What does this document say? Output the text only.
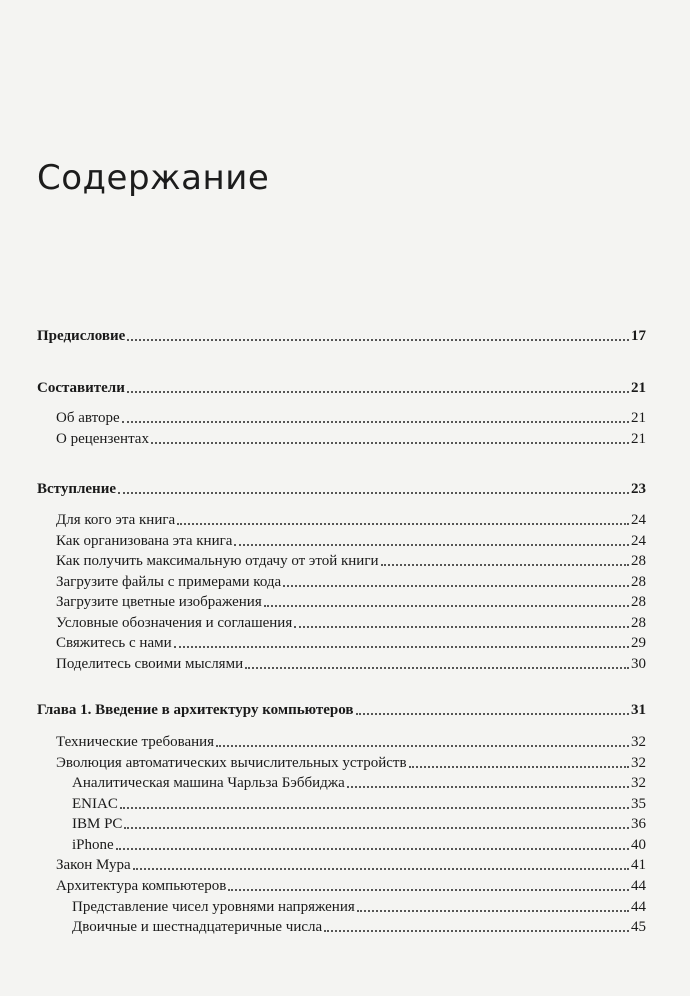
Содержание
Предисловие	17
Составители	21
Об авторе	21
О рецензентах	21
Вступление	23
Для кого эта книга	24
Как организована эта книга	24
Как получить максимальную отдачу от этой книги	28
Загрузите файлы с примерами кода	28
Загрузите цветные изображения	28
Условные обозначения и соглашения	28
Свяжитесь с нами	29
Поделитесь своими мыслями	30
Глава 1. Введение в архитектуру компьютеров	31
Технические требования	32
Эволюция автоматических вычислительных устройств	32
Аналитическая машина Чарльза Бэббиджа	32
ENIAC	35
IBM PC	36
iPhone	40
Закон Мура	41
Архитектура компьютеров	44
Представление чисел уровнями напряжения	44
Двоичные и шестнадцатеричные числа	45
